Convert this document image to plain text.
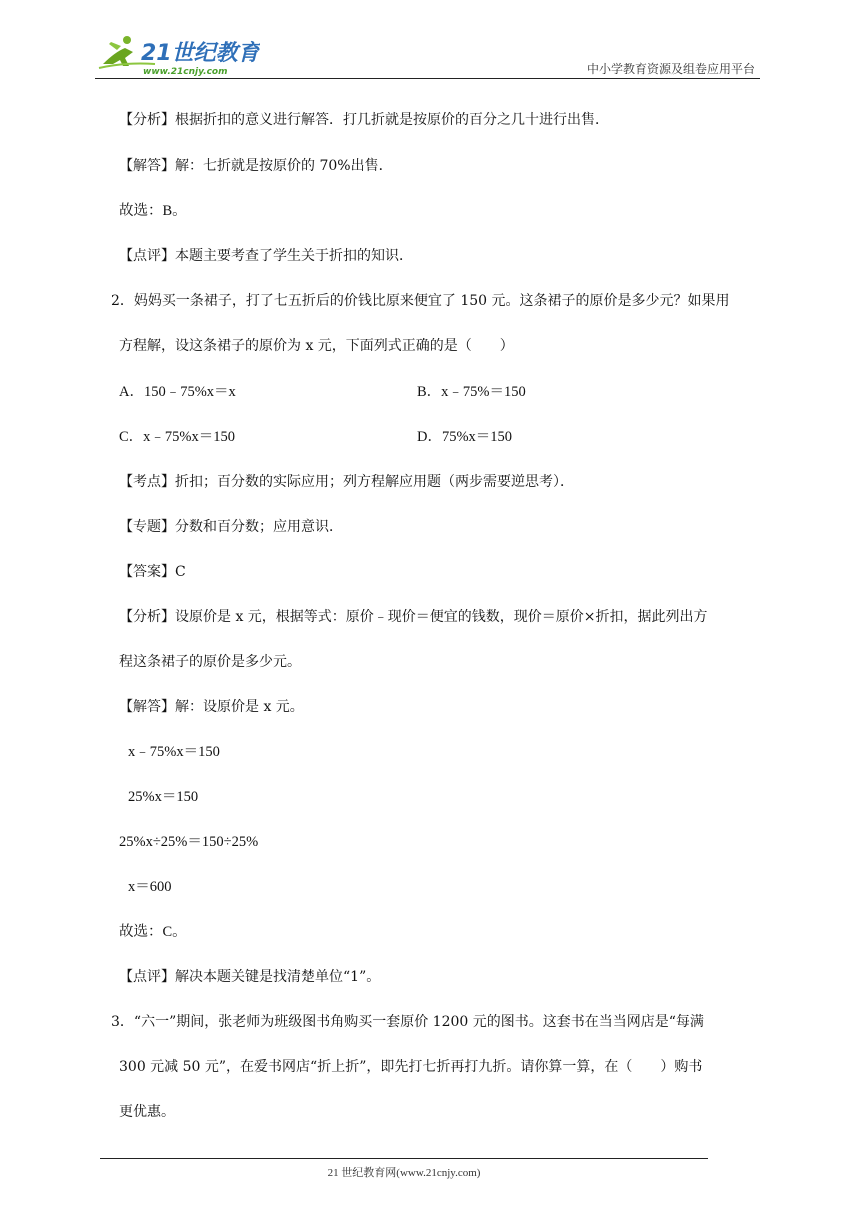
21世纪教育
www.21cnjy.com	中小学教育资源及组卷应用平台
【分析】根据折扣的意义进行解答．打几折就是按原价的百分之几十进行出售．
【解答】解：七折就是按原价的 70%出售．
故选：B。
【点评】本题主要考查了学生关于折扣的知识．
2．妈妈买一条裙子，打了七五折后的价钱比原来便宜了 150 元。这条裙子的原价是多少元？如果用
方程解，设这条裙子的原价为 x 元，下面列式正确的是（　　）
A．150﹣75%x＝x	B．x﹣75%＝150
C．x﹣75%x＝150	D．75%x＝150
【考点】折扣；百分数的实际应用；列方程解应用题（两步需要逆思考）．
【专题】分数和百分数；应用意识．
【答案】C
【分析】设原价是 x 元，根据等式：原价﹣现价＝便宜的钱数，现价＝原价×折扣，据此列出方
程这条裙子的原价是多少元。
【解答】解：设原价是 x 元。
x﹣75%x＝150
25%x＝150
25%x÷25%＝150÷25%
x＝600
故选：C。
【点评】解决本题关键是找清楚单位“1”。
3．“六一”期间，张老师为班级图书角购买一套原价 1200 元的图书。这套书在当当网店是“每满
300 元减 50 元”，在爱书网店“折上折”，即先打七折再打九折。请你算一算，在（　　）购书
更优惠。
21 世纪教育网(www.21cnjy.com)
